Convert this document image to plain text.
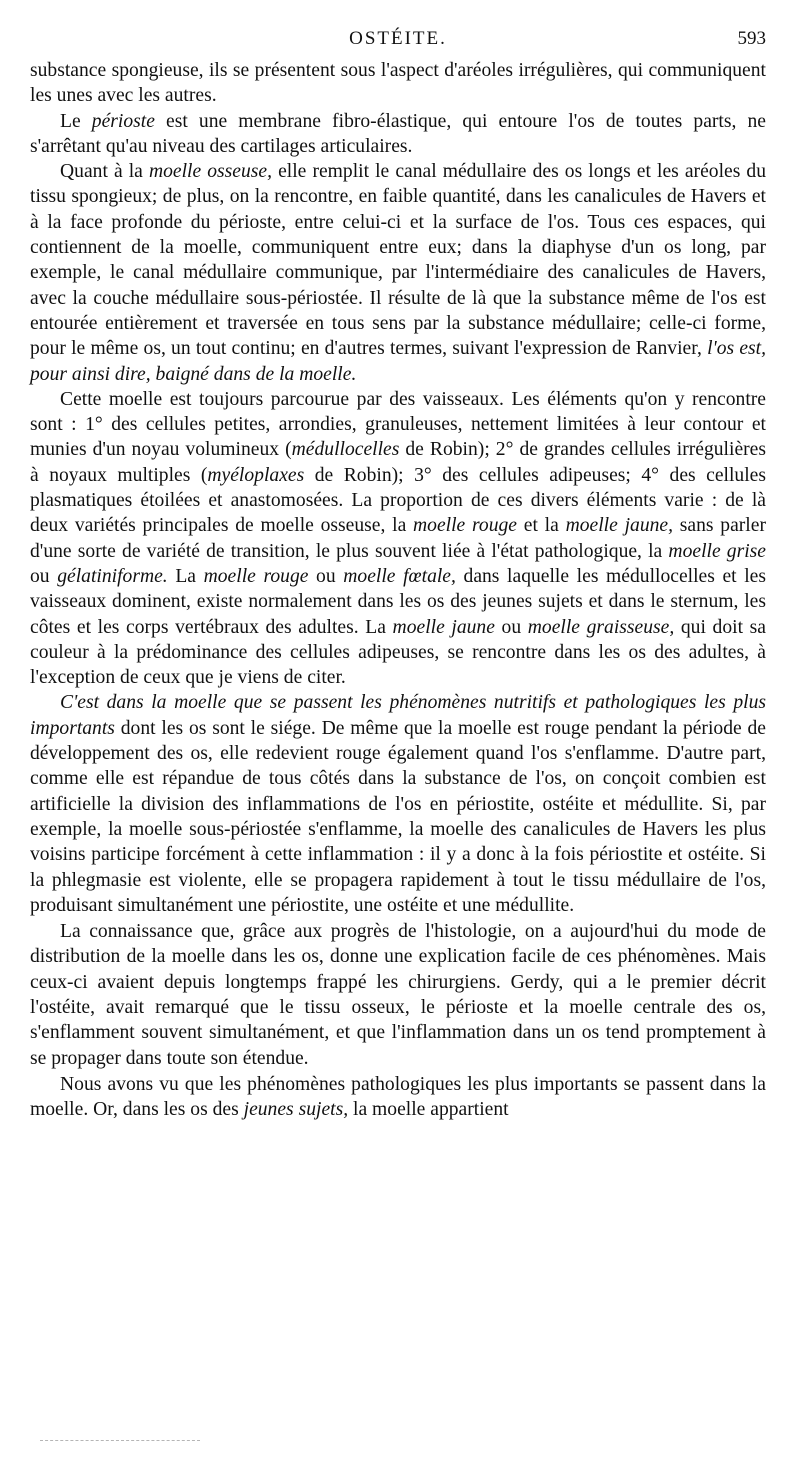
OSTÉITE.	593

substance spongieuse, ils se présentent sous l'aspect d'aréoles irrégulières, qui communiquent les unes avec les autres.

Le périoste est une membrane fibro-élastique, qui entoure l'os de toutes parts, ne s'arrêtant qu'au niveau des cartilages articulaires.

Quant à la moelle osseuse, elle remplit le canal médullaire des os longs et les aréoles du tissu spongieux; de plus, on la rencontre, en faible quantité, dans les canalicules de Havers et à la face profonde du périoste, entre celui-ci et la surface de l'os. Tous ces espaces, qui contiennent de la moelle, communiquent entre eux; dans la diaphyse d'un os long, par exemple, le canal médullaire communique, par l'intermédiaire des canalicules de Havers, avec la couche médullaire sous-périostée. Il résulte de là que la substance même de l'os est entourée entièrement et traversée en tous sens par la substance médullaire; celle-ci forme, pour le même os, un tout continu; en d'autres termes, suivant l'expression de Ranvier, l'os est, pour ainsi dire, baigné dans de la moelle.

Cette moelle est toujours parcourue par des vaisseaux. Les éléments qu'on y rencontre sont : 1° des cellules petites, arrondies, granuleuses, nettement limitées à leur contour et munies d'un noyau volumineux (médullocelles de Robin); 2° de grandes cellules irrégulières à noyaux multiples (myéloplaxes de Robin); 3° des cellules adipeuses; 4° des cellules plasmatiques étoilées et anastomosées. La proportion de ces divers éléments varie : de là deux variétés principales de moelle osseuse, la moelle rouge et la moelle jaune, sans parler d'une sorte de variété de transition, le plus souvent liée à l'état pathologique, la moelle grise ou gélatiniforme. La moelle rouge ou moelle fœtale, dans laquelle les médullocelles et les vaisseaux dominent, existe normalement dans les os des jeunes sujets et dans le sternum, les côtes et les corps vertébraux des adultes. La moelle jaune ou moelle graisseuse, qui doit sa couleur à la prédominance des cellules adipeuses, se rencontre dans les os des adultes, à l'exception de ceux que je viens de citer.

C'est dans la moelle que se passent les phénomènes nutritifs et pathologiques les plus importants dont les os sont le siége. De même que la moelle est rouge pendant la période de développement des os, elle redevient rouge également quand l'os s'enflamme. D'autre part, comme elle est répandue de tous côtés dans la substance de l'os, on conçoit combien est artificielle la division des inflammations de l'os en périostite, ostéite et médullite. Si, par exemple, la moelle sous-périostée s'enflamme, la moelle des canalicules de Havers les plus voisins participe forcément à cette inflammation : il y a donc à la fois périostite et ostéite. Si la phlegmasie est violente, elle se propagera rapidement à tout le tissu médullaire de l'os, produisant simultanément une périostite, une ostéite et une médullite.

La connaissance que, grâce aux progrès de l'histologie, on a aujourd'hui du mode de distribution de la moelle dans les os, donne une explication facile de ces phénomènes. Mais ceux-ci avaient depuis longtemps frappé les chirurgiens. Gerdy, qui a le premier décrit l'ostéite, avait remarqué que le tissu osseux, le périoste et la moelle centrale des os, s'enflamment souvent simultanément, et que l'inflammation dans un os tend promptement à se propager dans toute son étendue.

Nous avons vu que les phénomènes pathologiques les plus importants se passent dans la moelle. Or, dans les os des jeunes sujets, la moelle appartient
